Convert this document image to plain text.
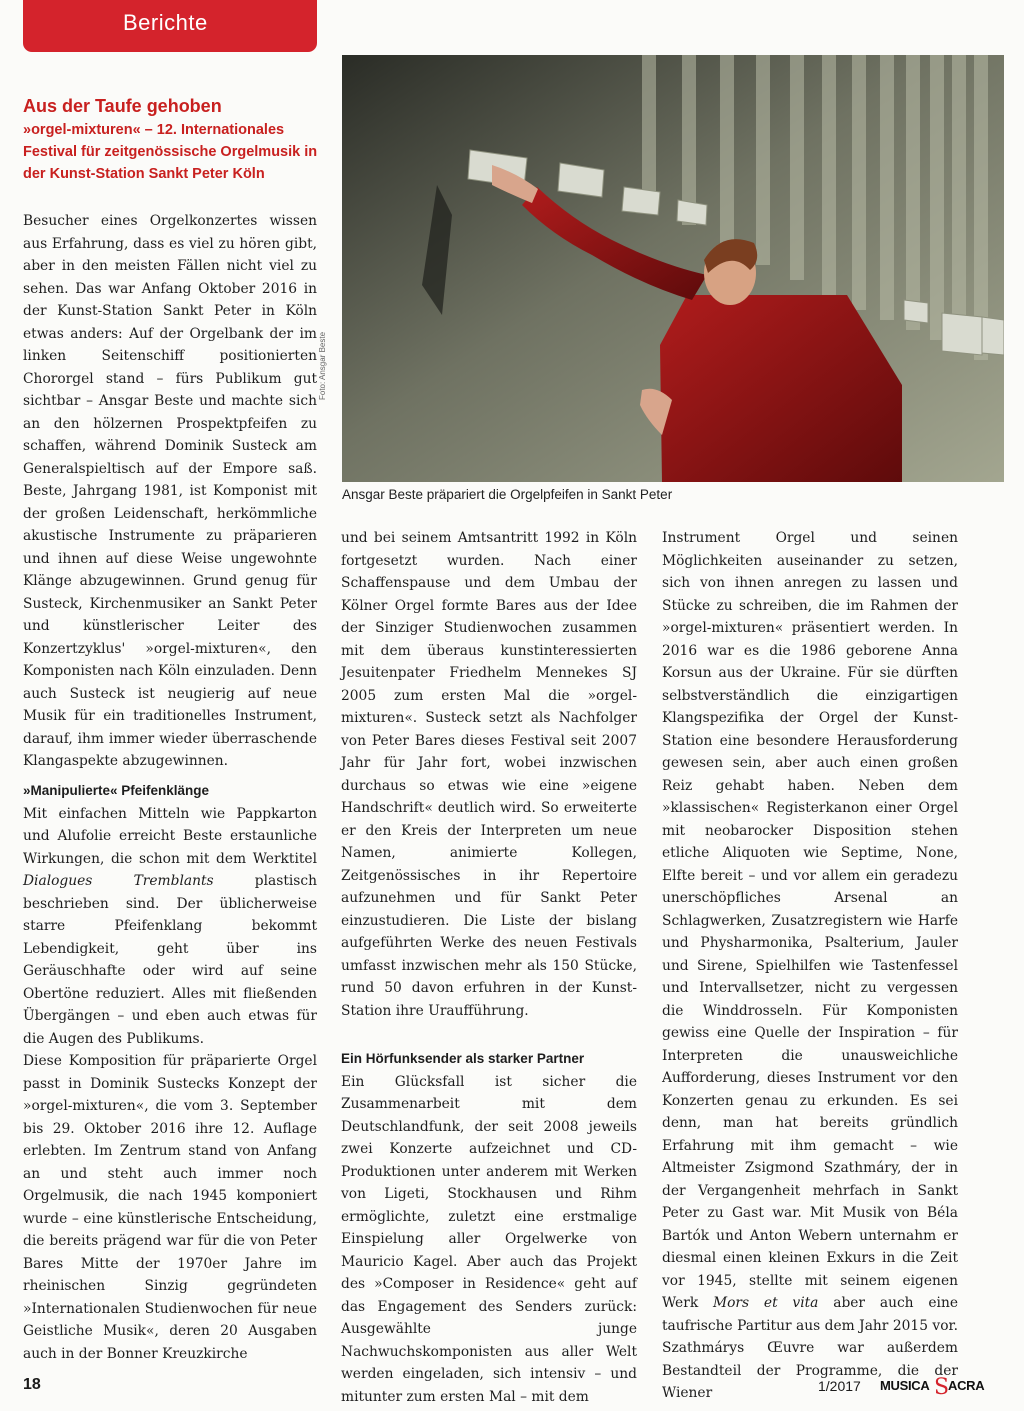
Berichte
Aus der Taufe gehoben
»orgel-mixturen« – 12. Internationales Festival für zeitgenössische Orgelmusik in der Kunst-Station Sankt Peter Köln

Besucher eines Orgelkonzertes wissen aus Erfahrung, dass es viel zu hören gibt, aber in den meisten Fällen nicht viel zu sehen. Das war Anfang Oktober 2016 in der Kunst-Station Sankt Peter in Köln etwas anders: Auf der Orgelbank der im linken Seitenschiff positionierten Chororgel stand – fürs Publikum gut sichtbar – Ansgar Beste und machte sich an den hölzernen Prospektpfeifen zu schaffen, während Dominik Susteck am Generalspieltisch auf der Empore saß. Beste, Jahrgang 1981, ist Komponist mit der großen Leidenschaft, herkömmliche akustische Instrumente zu präparieren und ihnen auf diese Weise ungewohnte Klänge abzugewinnen. Grund genug für Susteck, Kirchenmusiker an Sankt Peter und künstlerischer Leiter des Konzertzyklus' »orgel-mixturen«, den Komponisten nach Köln einzuladen. Denn auch Susteck ist neugierig auf neue Musik für ein traditionelles Instrument, darauf, ihm immer wieder überraschende Klangaspekte abzugewinnen.

»Manipulierte« Pfeifenklänge

Mit einfachen Mitteln wie Pappkarton und Alufolie erreicht Beste erstaunliche Wirkungen, die schon mit dem Werktitel Dialogues Tremblants plastisch beschrieben sind. Der üblicherweise starre Pfeifenklang bekommt Lebendigkeit, geht über ins Geräuschhafte oder wird auf seine Obertöne reduziert. Alles mit fließenden Übergängen – und eben auch etwas für die Augen des Publikums.

Diese Komposition für präparierte Orgel passt in Dominik Sustecks Konzept der »orgel-mixturen«, die vom 3. September bis 29. Oktober 2016 ihre 12. Auflage erlebten. Im Zentrum stand von Anfang an und steht auch immer noch Orgelmusik, die nach 1945 komponiert wurde – eine künstlerische Entscheidung, die bereits prägend war für die von Peter Bares Mitte der 1970er Jahre im rheinischen Sinzig gegründeten »Internationalen Studienwochen für neue Geistliche Musik«, deren 20 Ausgaben auch in der Bonner Kreuzkirche

und bei seinem Amtsantritt 1992 in Köln fortgesetzt wurden. Nach einer Schaffenspause und dem Umbau der Kölner Orgel formte Bares aus der Idee der Sinziger Studienwochen zusammen mit dem überaus kunstinteressierten Jesuitenpater Friedhelm Mennekes SJ 2005 zum ersten Mal die »orgel-mixturen«. Susteck setzt als Nachfolger von Peter Bares dieses Festival seit 2007 Jahr für Jahr fort, wobei inzwischen durchaus so etwas wie eine »eigene Handschrift« deutlich wird. So erweiterte er den Kreis der Interpreten um neue Namen, animierte Kollegen, Zeitgenössisches in ihr Repertoire aufzunehmen und für Sankt Peter einzustudieren. Die Liste der bislang aufgeführten Werke des neuen Festivals umfasst inzwischen mehr als 150 Stücke, rund 50 davon erfuhren in der Kunst-Station ihre Uraufführung.

Ein Hörfunksender als starker Partner

Ein Glücksfall ist sicher die Zusammenarbeit mit dem Deutschlandfunk, der seit 2008 jeweils zwei Konzerte aufzeichnet und CD-Produktionen unter anderem mit Werken von Ligeti, Stockhausen und Rihm ermöglichte, zuletzt eine erstmalige Einspielung aller Orgelwerke von Mauricio Kagel. Aber auch das Projekt des »Composer in Residence« geht auf das Engagement des Senders zurück: Ausgewählte junge Nachwuchskomponisten aus aller Welt werden eingeladen, sich intensiv – und mitunter zum ersten Mal – mit dem

Instrument Orgel und seinen Möglichkeiten auseinander zu setzen, sich von ihnen anregen zu lassen und Stücke zu schreiben, die im Rahmen der »orgel-mixturen« präsentiert werden. In 2016 war es die 1986 geborene Anna Korsun aus der Ukraine. Für sie dürften selbstverständlich die einzigartigen Klangspezifika der Orgel der Kunst-Station eine besondere Herausforderung gewesen sein, aber auch einen großen Reiz gehabt haben. Neben dem »klassischen« Registerkanon einer Orgel mit neobarocker Disposition stehen etliche Aliquoten wie Septime, None, Elfte bereit – und vor allem ein geradezu unerschöpfliches Arsenal an Schlagwerken, Zusatzregistern wie Harfe und Physharmonika, Psalterium, Jauler und Sirene, Spielhilfen wie Tastenfessel und Intervallsetzer, nicht zu vergessen die Winddrosseln. Für Komponisten gewiss eine Quelle der Inspiration – für Interpreten die unausweichliche Aufforderung, dieses Instrument vor den Konzerten genau zu erkunden. Es sei denn, man hat bereits gründlich Erfahrung mit ihm gemacht – wie Altmeister Zsigmond Szathmáry, der in der Vergangenheit mehrfach in Sankt Peter zu Gast war. Mit Musik von Béla Bartók und Anton Webern unternahm er diesmal einen kleinen Exkurs in die Zeit vor 1945, stellte mit seinem eigenen Werk Mors et vita aber auch eine taufrische Partitur aus dem Jahr 2015 vor. Szathmárys Œuvre war außerdem Bestandteil der Programme, die der Wiener

Foto: Ansgar Beste
Ansgar Beste präpariert die Orgelpfeifen in Sankt Peter
18	1/2017 MUSICA S
ACRA
